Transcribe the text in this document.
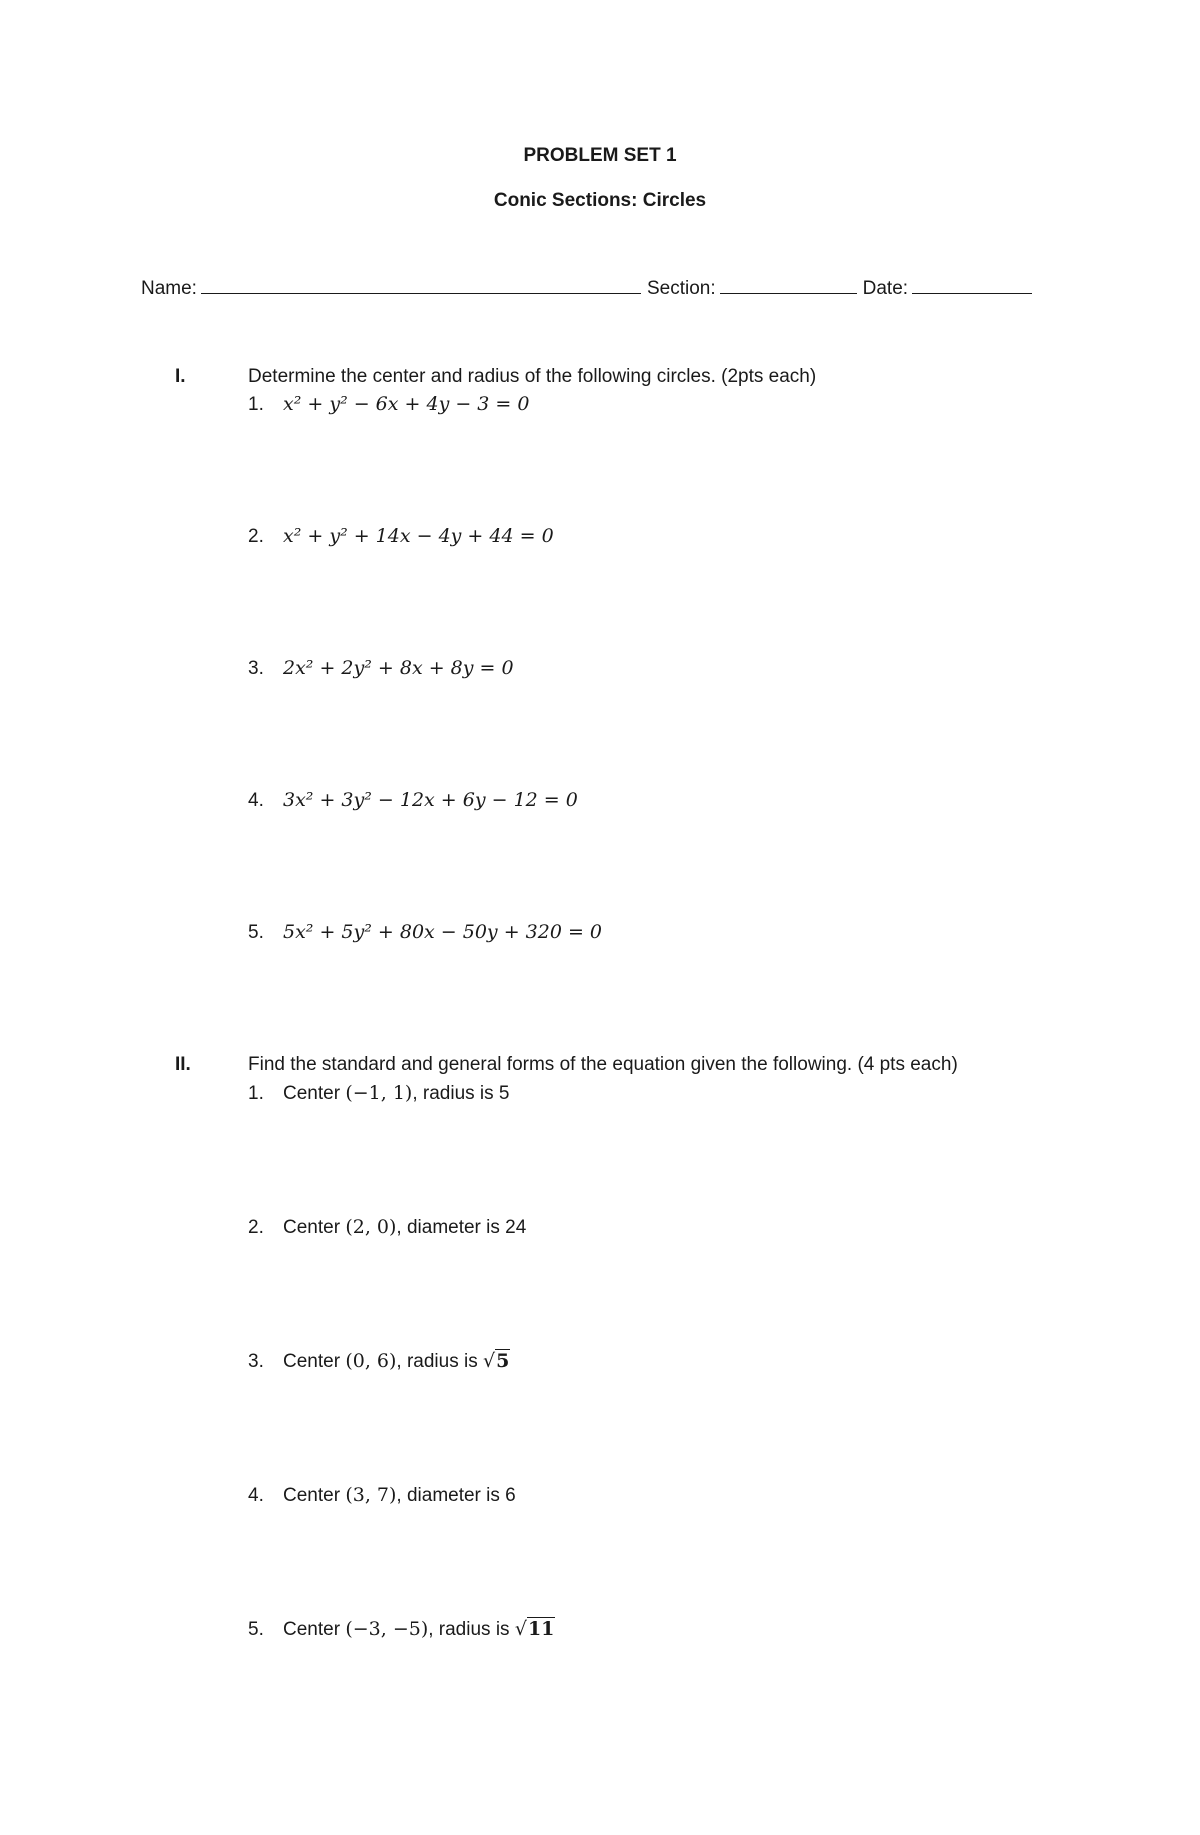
PROBLEM SET 1
Conic Sections: Circles
Name:	Section:	Date:
I.	Determine the center and radius of the following circles. (2pts each)
1.	x² + y² − 6x + 4y − 3 = 0
2.	x² + y² + 14x − 4y + 44 = 0
3.	2x² + 2y² + 8x + 8y = 0
4.	3x² + 3y² − 12x + 6y − 12 = 0
5.	5x² + 5y² + 80x − 50y + 320 = 0
II.	Find the standard and general forms of the equation given the following. (4 pts each)
1.	Center (−1, 1) , radius is 5
2.	Center (2, 0) , diameter is 24
3.	Center (0, 6) , radius is √5
4.	Center (3, 7) , diameter is 6
5.	Center (−3, −5) , radius is √11
